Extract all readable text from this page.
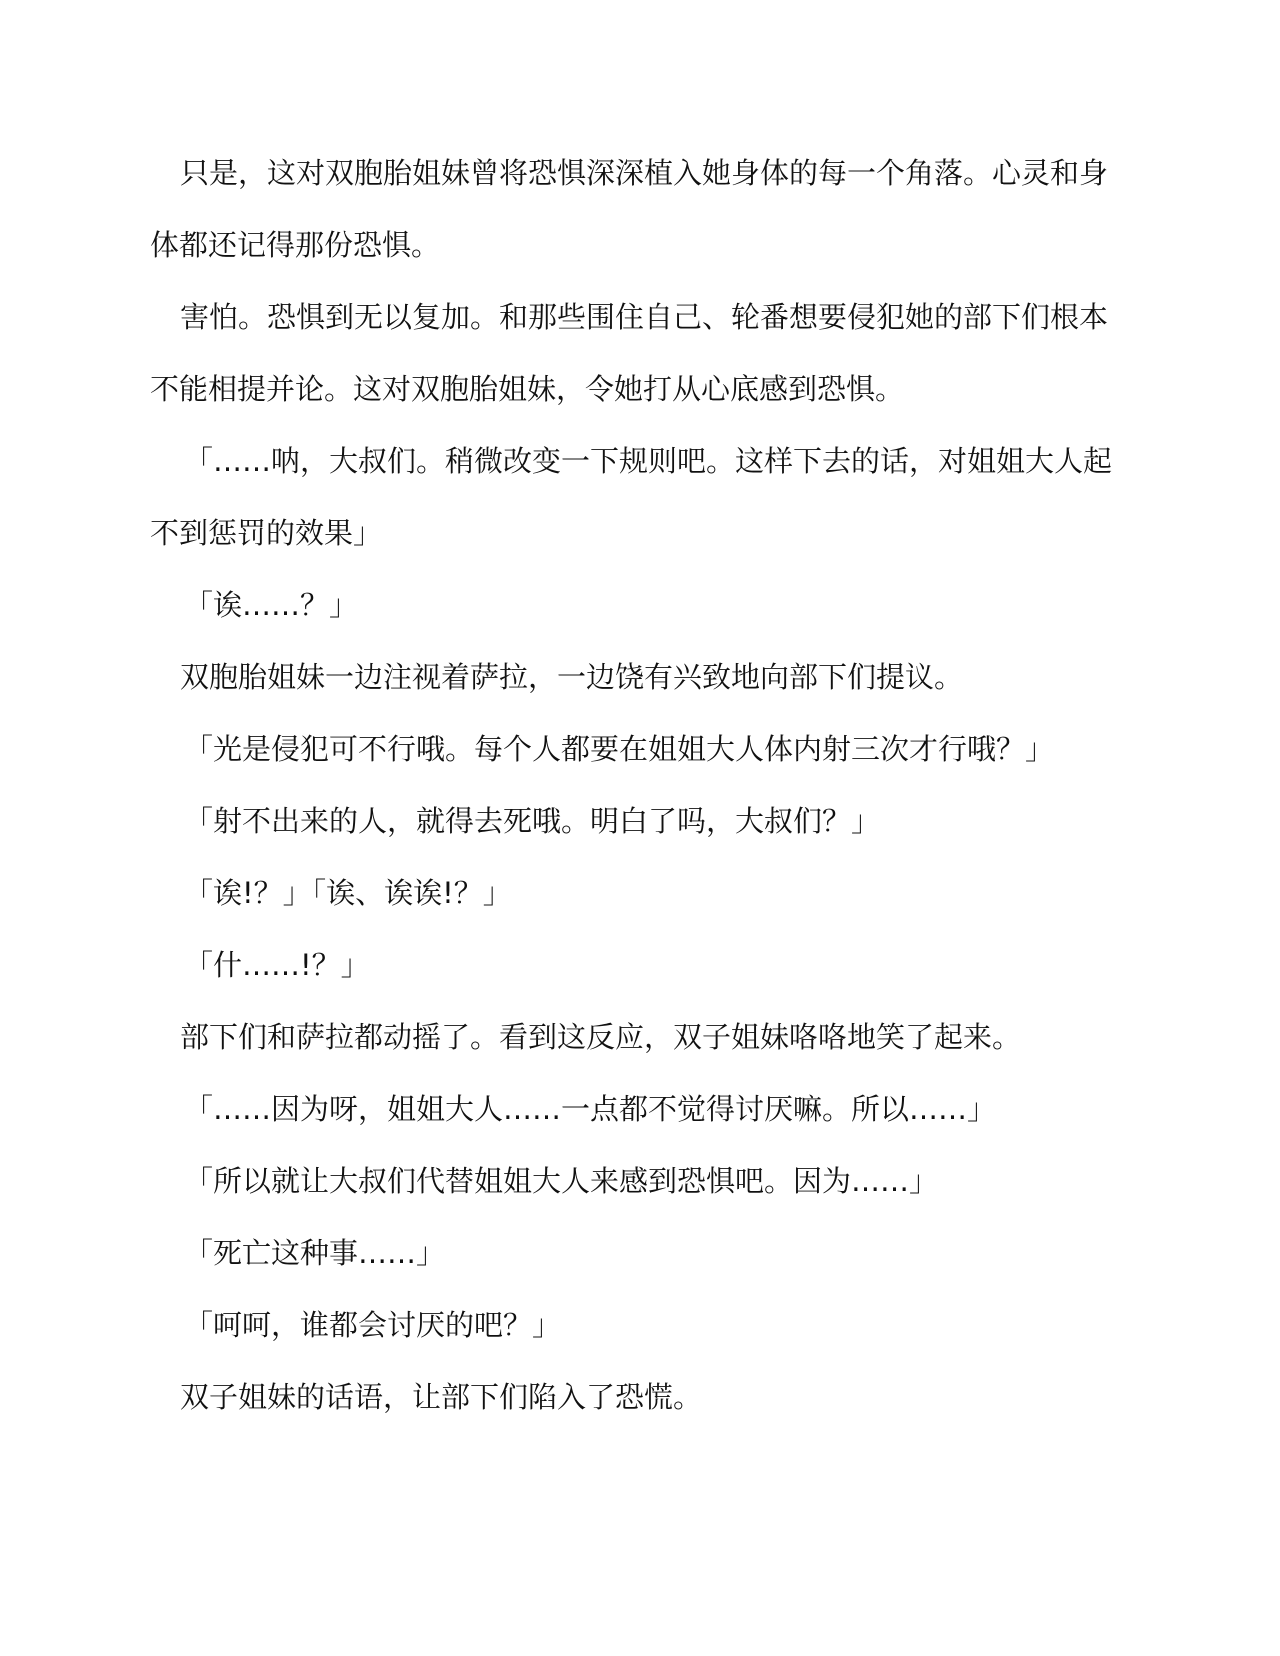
只是，这对双胞胎姐妹曾将恐惧深深植入她身体的每一个角落。心灵和身体都还记得那份恐惧。

害怕。恐惧到无以复加。和那些围住自己、轮番想要侵犯她的部下们根本不能相提并论。这对双胞胎姐妹，令她打从心底感到恐惧。

「……呐，大叔们。稍微改变一下规则吧。这样下去的话，对姐姐大人起不到惩罚的效果」

「诶……？」

双胞胎姐妹一边注视着萨拉，一边饶有兴致地向部下们提议。

「光是侵犯可不行哦。每个人都要在姐姐大人体内射三次才行哦？」

「射不出来的人，就得去死哦。明白了吗，大叔们？」

「诶!？」「诶、诶诶!？」

「什……!？」

部下们和萨拉都动摇了。看到这反应，双子姐妹咯咯地笑了起来。

「……因为呀，姐姐大人……一点都不觉得讨厌嘛。所以……」

「所以就让大叔们代替姐姐大人来感到恐惧吧。因为……」

「死亡这种事……」

「呵呵，谁都会讨厌的吧？」

双子姐妹的话语，让部下们陷入了恐慌。
